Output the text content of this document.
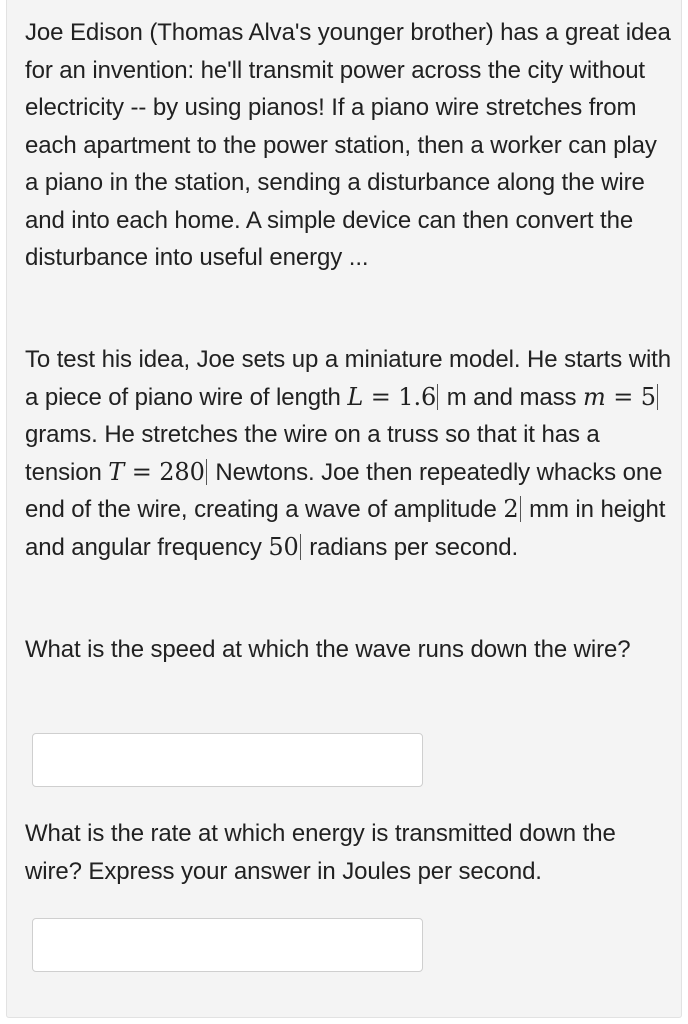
Joe Edison (Thomas Alva's younger brother) has a great idea for an invention: he'll transmit power across the city without electricity -- by using pianos! If a piano wire stretches from each apartment to the power station, then a worker can play a piano in the station, sending a disturbance along the wire and into each home. A simple device can then convert the disturbance into useful energy ...

To test his idea, Joe sets up a miniature model. He starts with a piece of piano wire of length L = 1.6 m and mass m = 5 grams. He stretches the wire on a truss so that it has a tension T = 280 Newtons. Joe then repeatedly whacks one end of the wire, creating a wave of amplitude 2 mm in height and angular frequency 50 radians per second.

What is the speed at which the wave runs down the wire?

What is the rate at which energy is transmitted down the wire? Express your answer in Joules per second.
